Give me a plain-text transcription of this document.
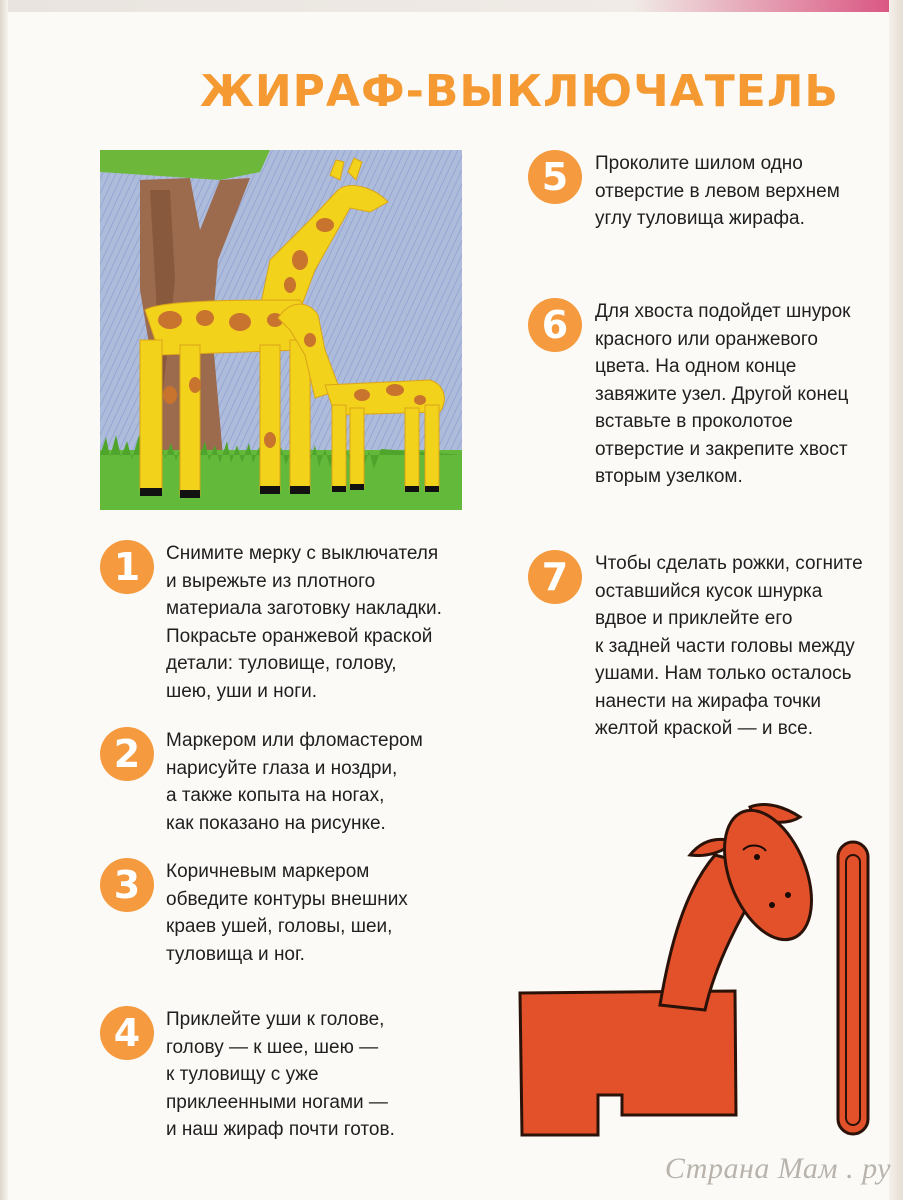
ЖИРАФ-ВЫКЛЮЧАТЕЛЬ
1	Снимите мерку с выключателя
и вырежьте из плотного
материала заготовку накладки.
Покрасьте оранжевой краской
детали: туловище, голову,
шею, уши и ноги.
2	Маркером или фломастером
нарисуйте глаза и ноздри,
а также копыта на ногах,
как показано на рисунке.
3	Коричневым маркером
обведите контуры внешних
краев ушей, головы, шеи,
туловища и ног.
4	Приклейте уши к голове,
голову — к шее, шею —
к туловищу с уже
приклеенными ногами —
и наш жираф почти готов.
5	Проколите шилом одно
отверстие в левом верхнем
углу туловища жирафа.
6	Для хвоста подойдет шнурок
красного или оранжевого
цвета. На одном конце
завяжите узел. Другой конец
вставьте в проколотое
отверстие и закрепите хвост
вторым узелком.
7	Чтобы сделать рожки, согните
оставшийся кусок шнурка
вдвое и приклейте его
к задней части головы между
ушами. Нам только осталось
нанести на жирафа точки
желтой краской — и все.
Страна Мам . ру
